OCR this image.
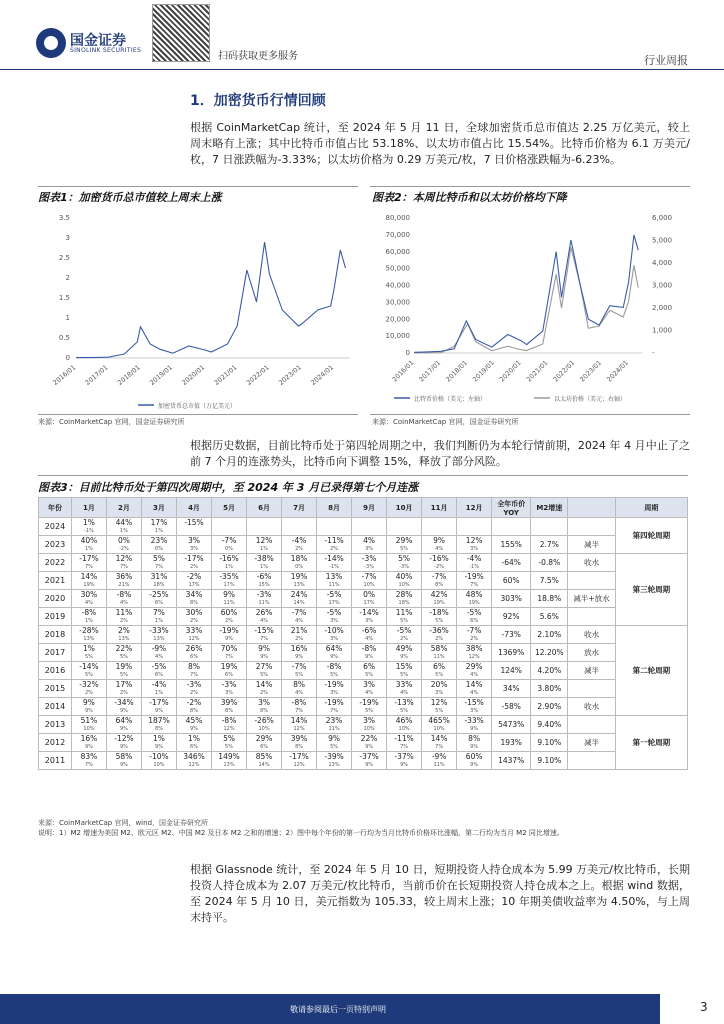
国金证券
SINOLINK SECURITIES
扫码获取更多服务	行业周报
1．加密货币行情回顾
根据 CoinMarketCap 统计，至 2024 年 5 月 11 日，全球加密货币总市值达 2.25 万亿美元，较上周末略有上涨；其中比特币市值占比 53.18%、以太坊市值占比 15.54%。比特币价格为 6.1 万美元/枚，7 日涨跌幅为-3.33%；以太坊价格为 0.29 万美元/枚，7 日价格涨跌幅为-6.23%。
图表1：加密货币总市值较上周末上涨
3.5
3
2.5
2
1.5
1
0.5
0
2016/01 2017/01 2018/01 2019/01 2020/01 2021/01 2022/01 2023/01 2024/01
加密货币总市值（万亿美元）
来源：CoinMarketCap 官网，国金证券研究所
图表2：本周比特币和以太坊价格均下降
80,000
70,000
60,000
50,000
40,000
30,000
20,000
10,000
0
6,000
5,000
4,000
3,000
2,000
1,000
-
2016/01 2017/01 2018/01 2019/01 2020/01 2021/01 2022/01 2023/01 2024/01
比特币价格（美元；左轴）	以太坊价格（美元；右轴）
来源：CoinMarketCap 官网，国金证券研究所
根据历史数据，目前比特币处于第四轮周期之中，我们判断仍为本轮行情前期，2024 年 4 月中止了之前 7 个月的连涨势头，比特币向下调整 15%，释放了部分风险。
图表3：目前比特币处于第四次周期中，至 2024 年 3 月已录得第七个月连涨
年份	1月	2月	3月	4月	5月	6月	7月	8月	9月	10月	11月	12月	全年币价YOY	M2增速		周期
2024	1%	44%	17%	-15%												第四轮周期
	-1%	1%	1%													
2023	40%	0%	23%	3%	-7%	12%	-4%	-11%	4%	29%	9%	12%	155%	2.7%	减半	
	1%	-2%	0%	3%	0%	1%	2%	2%	3%	5%	4%	3%				
2022	-17%	12%	5%	-17%	-16%	-38%	18%	-14%	-3%	5%	-16%	-4%	-64%	-0.8%	收水	第三轮周期
	7%	7%	7%	2%	1%	1%	0%	-1%	-3%	-3%	-2%	-1%				
2021	14%	36%	31%	-2%	-35%	-6%	19%	13%	-7%	40%	-7%	-19%	60%	7.5%		
	19%	21%	18%	17%	17%	15%	13%	11%	10%	10%	8%	7%				
2020	30%	-8%	-25%	34%	9%	-3%	24%	-5%	0%	28%	42%	48%	303%	18.8%	减半+放水	
	4%	4%	6%	8%	11%	11%	14%	17%	17%	18%	19%	19%				
2019	-8%	11%	7%	30%	60%	26%	-7%	-5%	-14%	11%	-18%	-5%	92%	5.6%		
	1%	2%	1%	2%	2%	4%	4%	3%	3%	5%	5%	6%				
2018	-28%	2%	-33%	33%	-19%	-15%	21%	-10%	-6%	-5%	-36%	-7%	-73%	2.10%	收水	第二轮周期
	13%	13%	13%	12%	9%	7%	2%	3%	4%	2%	2%	2%				
2017	1%	22%	-9%	26%	70%	9%	16%	64%	-8%	49%	58%	38%	1369%	12.20%	放水	
	5%	5%	4%	6%	7%	9%	9%	9%	9%	9%	11%	12%				
2016	-14%	19%	-5%	8%	19%	27%	-7%	-8%	6%	15%	6%	29%	124%	4.20%	减半	
	5%	5%	6%	7%	6%	5%	5%	5%	5%	5%	5%	4%				
2015	-32%	17%	-4%	-3%	-3%	14%	8%	-19%	3%	33%	20%	14%	34%	3.80%		
	2%	2%	1%	2%	3%	2%	4%	3%	4%	4%	3%	4%				
2014	9%	-34%	-17%	-2%	39%	3%	-8%	-19%	-19%	-13%	12%	-15%	-58%	2.90%	收水	
	9%	9%	9%	8%	8%	8%	7%	7%	5%	5%	5%	3%				
2013	51%	64%	187%	45%	-8%	-26%	14%	23%	3%	46%	465%	-33%	5473%	9.40%		第一轮周期
	10%	9%	8%	9%	12%	10%	12%	11%	10%	10%	10%	9%				
2012	16%	-12%	1%	1%	5%	29%	39%	9%	22%	-11%	14%	8%	193%	9.10%	减半	
	9%	9%	9%	6%	5%	6%	8%	5%	9%	7%	7%	9%				
2011	83%	58%	-10%	346%	149%	85%	-17%	-39%	-37%	-37%	-9%	60%	1437%	9.10%		
	7%	9%	10%	12%	13%	14%	12%	13%	9%	9%	11%	9%				
来源：CoinMarketCap 官网，wind，国金证券研究所
说明：1）M2 增速为美国 M2、欧元区 M2、中国 M2 及日本 M2 之和的增速；2）图中每个年份的第一行均为当月比特币价格环比涨幅，第二行均为当月 M2 同比增速。
根据 Glassnode 统计，至 2024 年 5 月 10 日，短期投资人持仓成本为 5.99 万美元/枚比特币，长期投资人持仓成本为 2.07 万美元/枚比特币，当前币价在长短期投资人持仓成本之上。根据 wind 数据，至 2024 年 5 月 10 日，美元指数为 105.33，较上周末上涨；10 年期美债收益率为 4.50%，与上周末持平。
敬请参阅最后一页特别声明	3
